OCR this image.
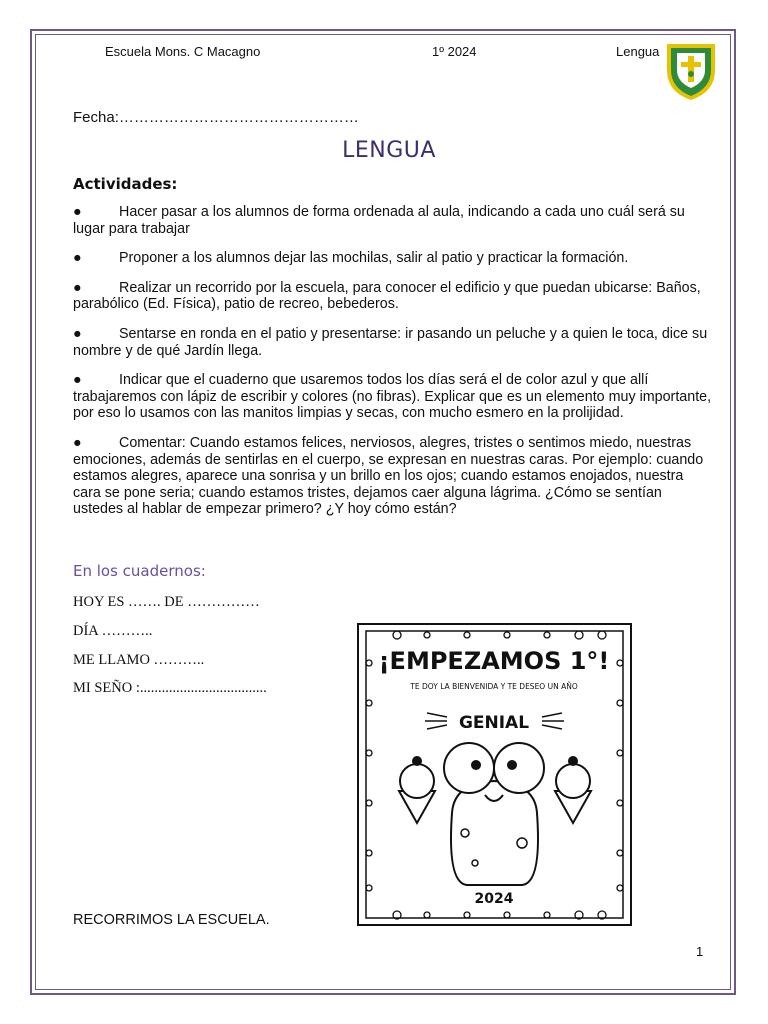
Escuela Mons. C Macagno	1º 2024	Lengua
Fecha:…………………………………………
LENGUA
Actividades:
●	Hacer pasar a los alumnos de forma ordenada al aula, indicando a cada uno cuál será su lugar para trabajar
●	Proponer a los alumnos dejar las mochilas, salir al patio y practicar la formación.
●	Realizar un recorrido por la escuela, para conocer el edificio y que puedan ubicarse: Baños, parabólico (Ed. Física), patio de recreo, bebederos.
●	Sentarse en ronda en el patio y presentarse: ir pasando un peluche y a quien le toca, dice su nombre y de qué Jardín llega.
●	Indicar que el cuaderno que usaremos todos los días será el de color azul y que allí trabajaremos con lápiz de escribir y colores (no fibras). Explicar que es un elemento muy importante, por eso lo usamos con las manitos limpias y secas, con mucho esmero en la prolijidad.
●	Comentar: Cuando estamos felices, nerviosos, alegres, tristes o sentimos miedo, nuestras emociones, además de sentirlas en el cuerpo, se expresan en nuestras caras. Por ejemplo: cuando estamos alegres, aparece una sonrisa y un brillo en los ojos; cuando estamos enojados, nuestra cara se pone seria; cuando estamos tristes, dejamos caer alguna lágrima. ¿Cómo se sentían ustedes al hablar de empezar primero? ¿Y hoy cómo están?
En los cuadernos:
HOY ES ……. DE ……………
DÍA ………..
ME LLAMO ………..
MI SEÑO :...................................
¡EMPEZAMOS 1°!
TE DOY LA BIENVENIDA Y TE DESEO UN AÑO
GENIAL
2024
RECORRIMOS LA ESCUELA.
1
